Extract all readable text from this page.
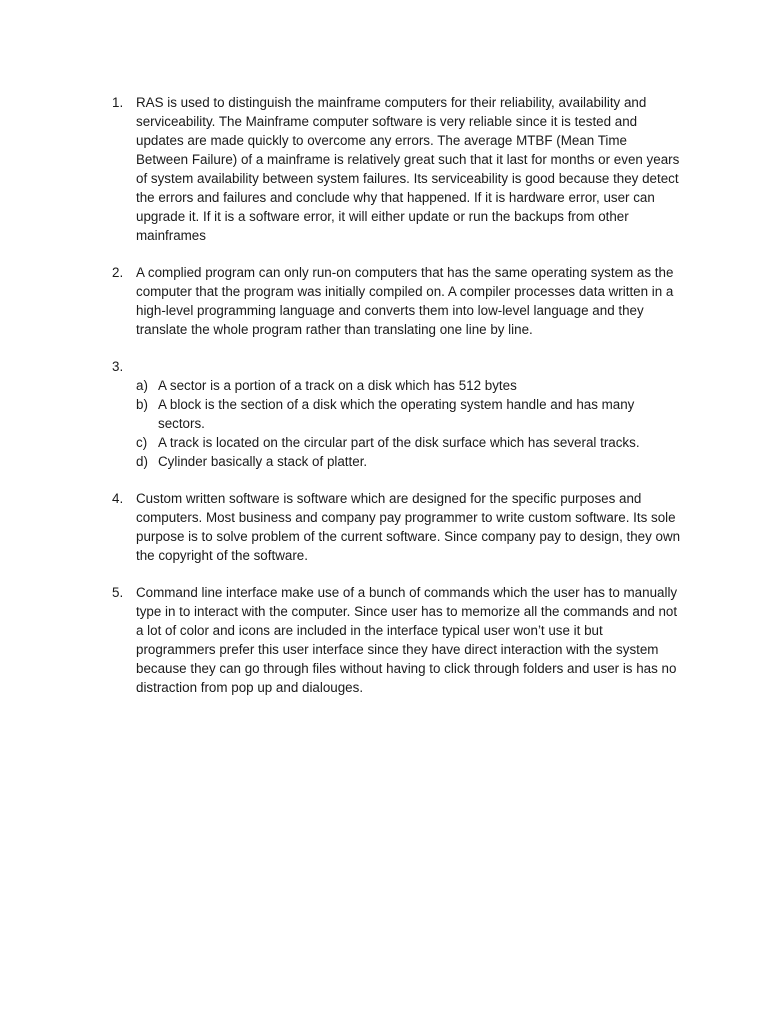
1. RAS is used to distinguish the mainframe computers for their reliability, availability and serviceability. The Mainframe computer software is very reliable since it is tested and updates are made quickly to overcome any errors. The average MTBF (Mean Time Between Failure) of a mainframe is relatively great such that it last for months or even years of system availability between system failures. Its serviceability is good because they detect the errors and failures and conclude why that happened. If it is hardware error, user can upgrade it. If it is a software error, it will either update or run the backups from other mainframes

2. A complied program can only run-on computers that has the same operating system as the computer that the program was initially compiled on. A compiler processes data written in a high-level programming language and converts them into low-level language and they translate the whole program rather than translating one line by line.

3.
a) A sector is a portion of a track on a disk which has 512 bytes
b) A block is the section of a disk which the operating system handle and has many sectors.
c) A track is located on the circular part of the disk surface which has several tracks.
d) Cylinder basically a stack of platter.
4. Custom written software is software which are designed for the specific purposes and computers. Most business and company pay programmer to write custom software. Its sole purpose is to solve problem of the current software. Since company pay to design, they own the copyright of the software.

5. Command line interface make use of a bunch of commands which the user has to manually type in to interact with the computer. Since user has to memorize all the commands and not a lot of color and icons are included in the interface typical user won’t use it but programmers prefer this user interface since they have direct interaction with the system because they can go through files without having to click through folders and user is has no distraction from pop up and dialouges.
